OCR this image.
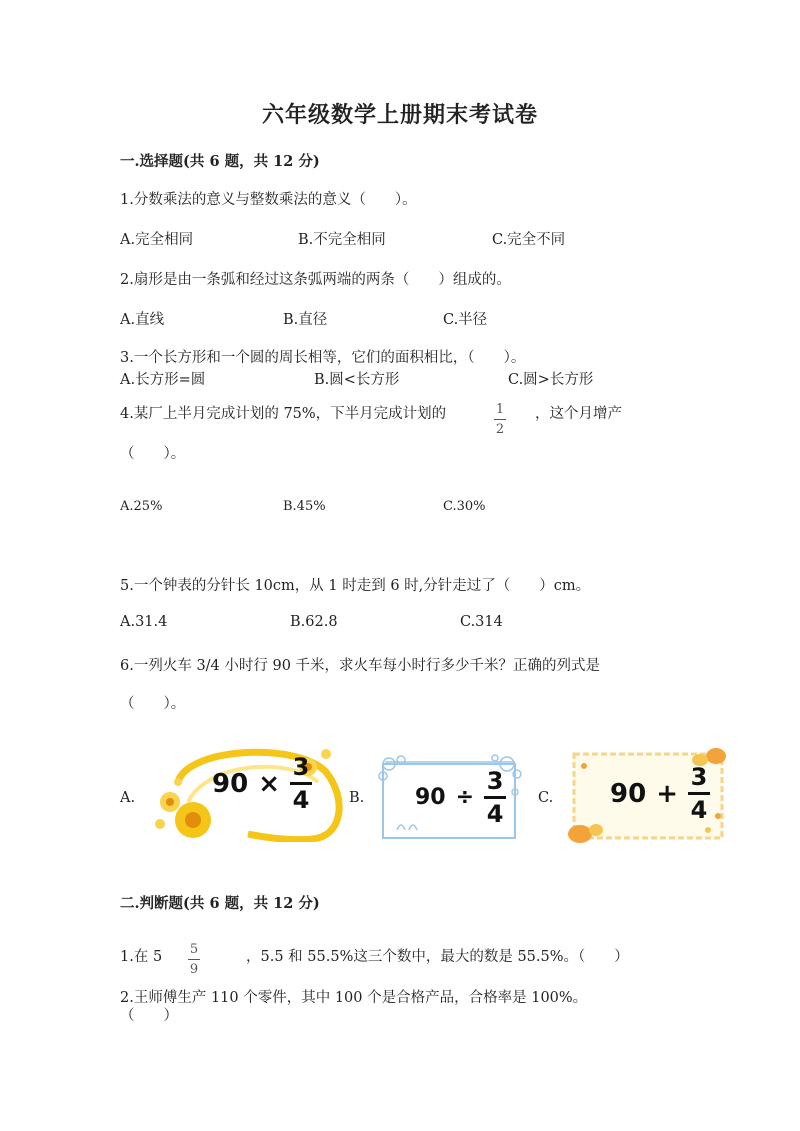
六年级数学上册期末考试卷
一.选择题(共 6 题，共 12 分)
1.分数乘法的意义与整数乘法的意义（　　）。
A.完全相同	B.不完全相同	C.完全不同
2.扇形是由一条弧和经过这条弧两端的两条（　　）组成的。
A.直线	B.直径	C.半径
3.一个长方形和一个圆的周长相等，它们的面积相比，（　　）。
A.长方形=圆	B.圆<长方形	C.圆>长方形
4.某厂上半月完成计划的 75%，下半月完成计划的	$\frac{1}{2}$ ，这个月增产
（　　）。
A.25%	B.45%	C.30%
5.一个钟表的分针长 10cm，从 1 时走到 6 时,分针走过了（　　）cm。
A.31.4	B.62.8	C.314
6.一列火车 3/4 小时行 90 千米，求火车每小时行多少千米？正确的列式是
（　　）。
A.	B.	C.
90 ×
3
4	90 ÷
3
4
90 +
3
4
二.判断题(共 6 题，共 12 分)
1.在 $5 \frac{5}{9}$	，5.5 和 55.5%这三个数中，最大的数是 55.5%。（　　）
2.王师傅生产 110 个零件，其中 100 个是合格产品，合格率是 100%。
（　　）
